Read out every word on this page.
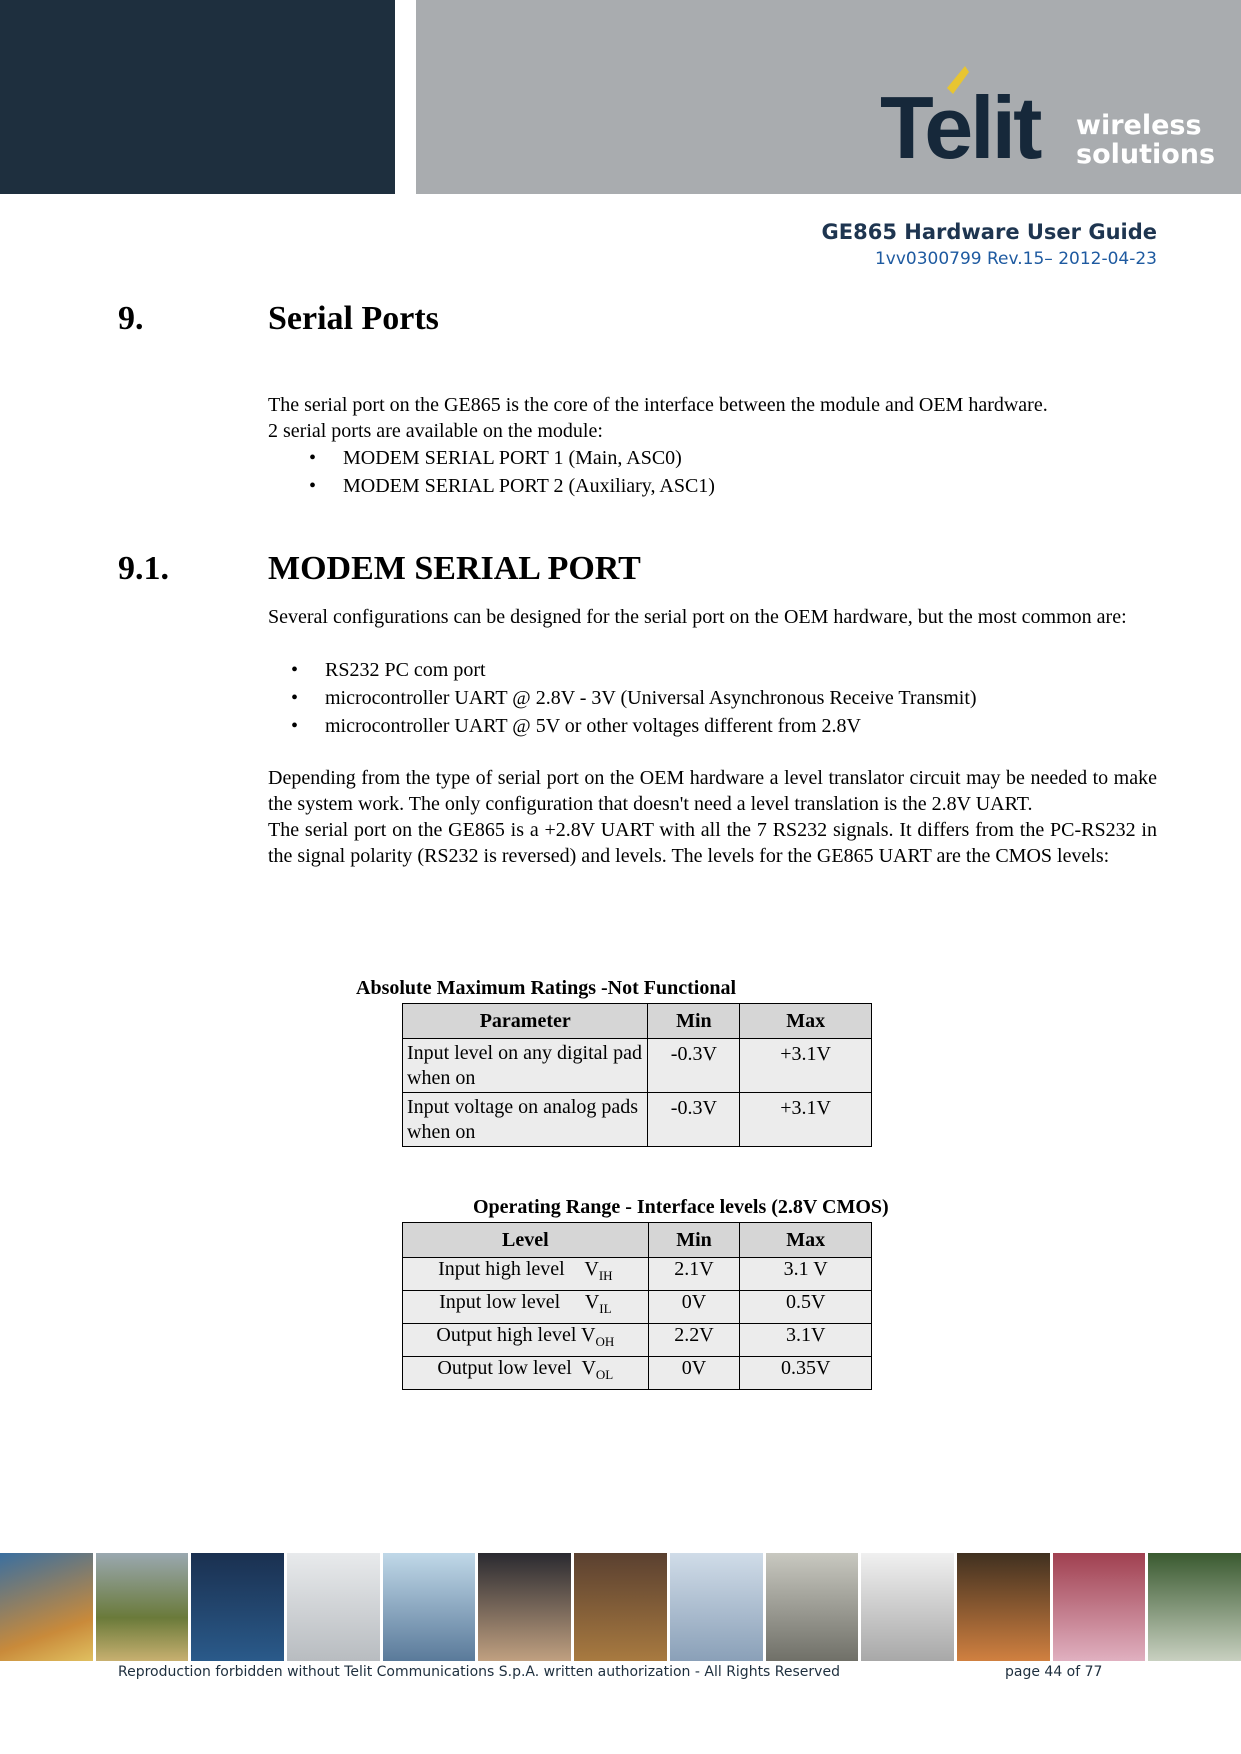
Telit wireless
solutions
GE865 Hardware User Guide
1vv0300799 Rev.15– 2012-04-23
9.	Serial Ports

The serial port on the GE865 is the core of the interface between the module and OEM hardware.

2 serial ports are available on the module:

• MODEM SERIAL PORT 1 (Main, ASC0)
• MODEM SERIAL PORT 2 (Auxiliary, ASC1)
9.1.	MODEM SERIAL PORT

Several configurations can be designed for the serial port on the OEM hardware, but the most common are:

• RS232 PC com port
• microcontroller UART @ 2.8V - 3V (Universal Asynchronous Receive Transmit)
• microcontroller UART @ 5V or other voltages different from 2.8V

Depending from the type of serial port on the OEM hardware a level translator circuit may be needed to make the system work. The only configuration that doesn't need a level translation is the 2.8V UART.

The serial port on the GE865 is a +2.8V UART with all the 7 RS232 signals. It differs from the PC-RS232 in the signal polarity (RS232 is reversed) and levels. The levels for the GE865 UART are the CMOS levels:

Absolute Maximum Ratings -Not Functional
Parameter	Min	Max
Input level on any digital pad when on	-0.3V	+3.1V
Input voltage on analog pads when on	-0.3V	+3.1V
Operating Range - Interface levels (2.8V CMOS)
Level	Min	Max
Input high level    $V_{IH}$	2.1V	3.1 V
Input low level     $V_{IL}$	0V	0.5V
Output high level $V_{OH}$	2.2V	3.1V
Output low level  $V_{OL}$	0V	0.35V
Reproduction forbidden without Telit Communications S.p.A. written authorization - All Rights Reserved	page 44 of 77
